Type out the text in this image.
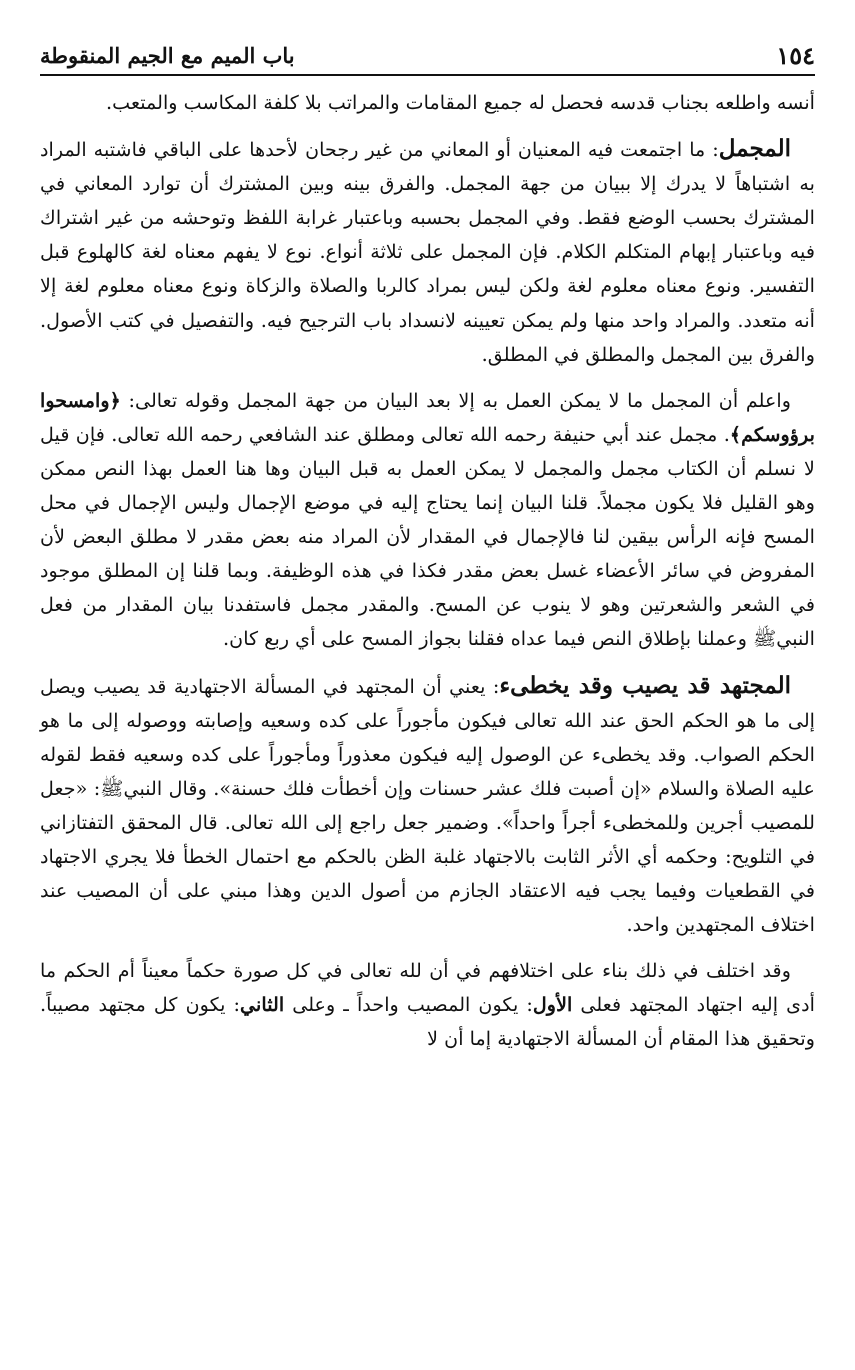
١٥٤
باب الميم مع الجيم المنقوطة

أنسه واطلعه بجناب قدسه فحصل له جميع المقامات والمراتب بلا كلفة المكاسب والمتعب.

المجمل: ما اجتمعت فيه المعنيان أو المعاني من غير رجحان لأحدها على الباقي فاشتبه المراد به اشتباهاً لا يدرك إلا ببيان من جهة المجمل. والفرق بينه وبين المشترك أن توارد المعاني في المشترك بحسب الوضع فقط. وفي المجمل بحسبه وباعتبار غرابة اللفظ وتوحشه من غير اشتراك فيه وباعتبار إبهام المتكلم الكلام. فإن المجمل على ثلاثة أنواع. نوع لا يفهم معناه لغة كالهلوع قبل التفسير. ونوع معناه معلوم لغة ولكن ليس بمراد كالربا والصلاة والزكاة ونوع معناه معلوم لغة إلا أنه متعدد. والمراد واحد منها ولم يمكن تعيينه لانسداد باب الترجيح فيه. والتفصيل في كتب الأصول. والفرق بين المجمل والمطلق في المطلق.

واعلم أن المجمل ما لا يمكن العمل به إلا بعد البيان من جهة المجمل وقوله تعالى: ﴿وامسحوا برؤوسكم﴾. مجمل عند أبي حنيفة رحمه الله تعالى ومطلق عند الشافعي رحمه الله تعالى. فإن قيل لا نسلم أن الكتاب مجمل والمجمل لا يمكن العمل به قبل البيان وها هنا العمل بهذا النص ممكن وهو القليل فلا يكون مجملاً. قلنا البيان إنما يحتاج إليه في موضع الإجمال وليس الإجمال في محل المسح فإنه الرأس بيقين لنا فالإجمال في المقدار لأن المراد منه بعض مقدر لا مطلق البعض لأن المفروض في سائر الأعضاء غسل بعض مقدر فكذا في هذه الوظيفة. وبما قلنا إن المطلق موجود في الشعر والشعرتين وهو لا ينوب عن المسح. والمقدر مجمل فاستفدنا بيان المقدار من فعل النبيﷺ وعملنا بإطلاق النص فيما عداه فقلنا بجواز المسح على أي ربع كان.

المجتهد قد يصيب وقد يخطىء: يعني أن المجتهد في المسألة الاجتهادية قد يصيب ويصل إلى ما هو الحكم الحق عند الله تعالى فيكون مأجوراً على كده وسعيه وإصابته ووصوله إلى ما هو الحكم الصواب. وقد يخطىء عن الوصول إليه فيكون معذوراً ومأجوراً على كده وسعيه فقط لقوله عليه الصلاة والسلام «إن أصبت فلك عشر حسنات وإن أخطأت فلك حسنة». وقال النبيﷺ: «جعل للمصيب أجرين وللمخطىء أجراً واحداً». وضمير جعل راجع إلى الله تعالى. قال المحقق التفتازاني في التلويح: وحكمه أي الأثر الثابت بالاجتهاد غلبة الظن بالحكم مع احتمال الخطأ فلا يجري الاجتهاد في القطعيات وفيما يجب فيه الاعتقاد الجازم من أصول الدين وهذا مبني على أن المصيب عند اختلاف المجتهدين واحد.

وقد اختلف في ذلك بناء على اختلافهم في أن لله تعالى في كل صورة حكماً معيناً أم الحكم ما أدى إليه اجتهاد المجتهد فعلى الأول: يكون المصيب واحداً ـ وعلى الثاني: يكون كل مجتهد مصيباً. وتحقيق هذا المقام أن المسألة الاجتهادية إما أن لا
